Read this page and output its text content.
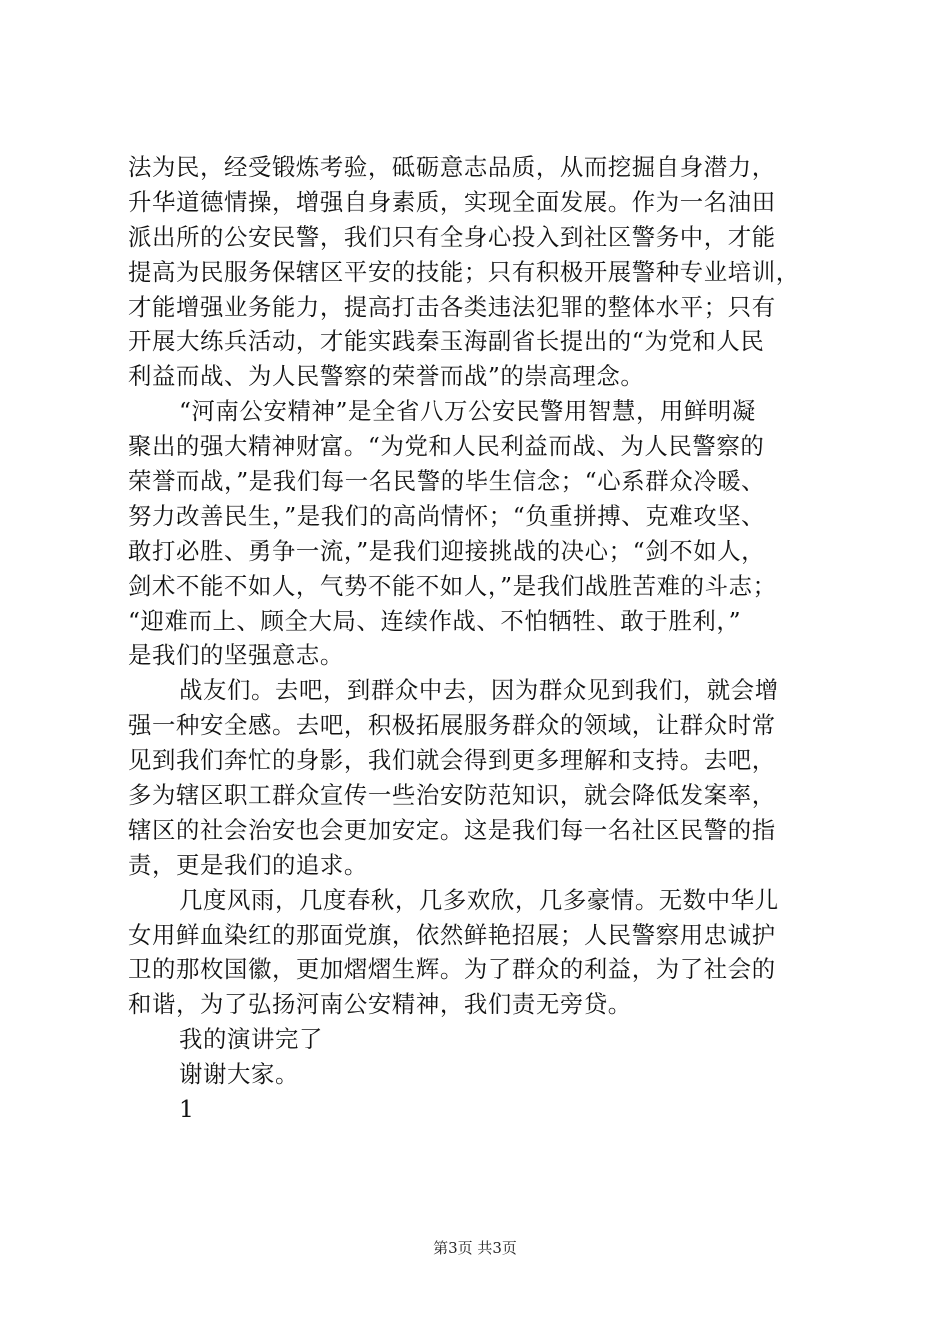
法为民，经受锻炼考验，砥砺意志品质，从而挖掘自身潜力，
升华道德情操，增强自身素质，实现全面发展。作为一名油田
派出所的公安民警，我们只有全身心投入到社区警务中，才能
提高为民服务保辖区平安的技能；只有积极开展警种专业培训，
才能增强业务能力，提高打击各类违法犯罪的整体水平；只有
开展大练兵活动，才能实践秦玉海副省长提出的“为党和人民
利益而战、为人民警察的荣誉而战”的崇高理念。
“河南公安精神”是全省八万公安民警用智慧，用鲜明凝
聚出的强大精神财富。“为党和人民利益而战、为人民警察的
荣誉而战，”是我们每一名民警的毕生信念；“心系群众冷暖、
努力改善民生，”是我们的高尚情怀；“负重拼搏、克难攻坚、
敢打必胜、勇争一流，”是我们迎接挑战的决心；“剑不如人，
剑术不能不如人，气势不能不如人，”是我们战胜苦难的斗志；
“迎难而上、顾全大局、连续作战、不怕牺牲、敢于胜利，”
是我们的坚强意志。
战友们。去吧，到群众中去，因为群众见到我们，就会增
强一种安全感。去吧，积极拓展服务群众的领域，让群众时常
见到我们奔忙的身影，我们就会得到更多理解和支持。去吧，
多为辖区职工群众宣传一些治安防范知识，就会降低发案率，
辖区的社会治安也会更加安定。这是我们每一名社区民警的指
责，更是我们的追求。
几度风雨，几度春秋，几多欢欣，几多豪情。无数中华儿
女用鲜血染红的那面党旗，依然鲜艳招展；人民警察用忠诚护
卫的那枚国徽，更加熠熠生辉。为了群众的利益，为了社会的
和谐，为了弘扬河南公安精神，我们责无旁贷。
我的演讲完了
谢谢大家。
1
第3页 共3页
